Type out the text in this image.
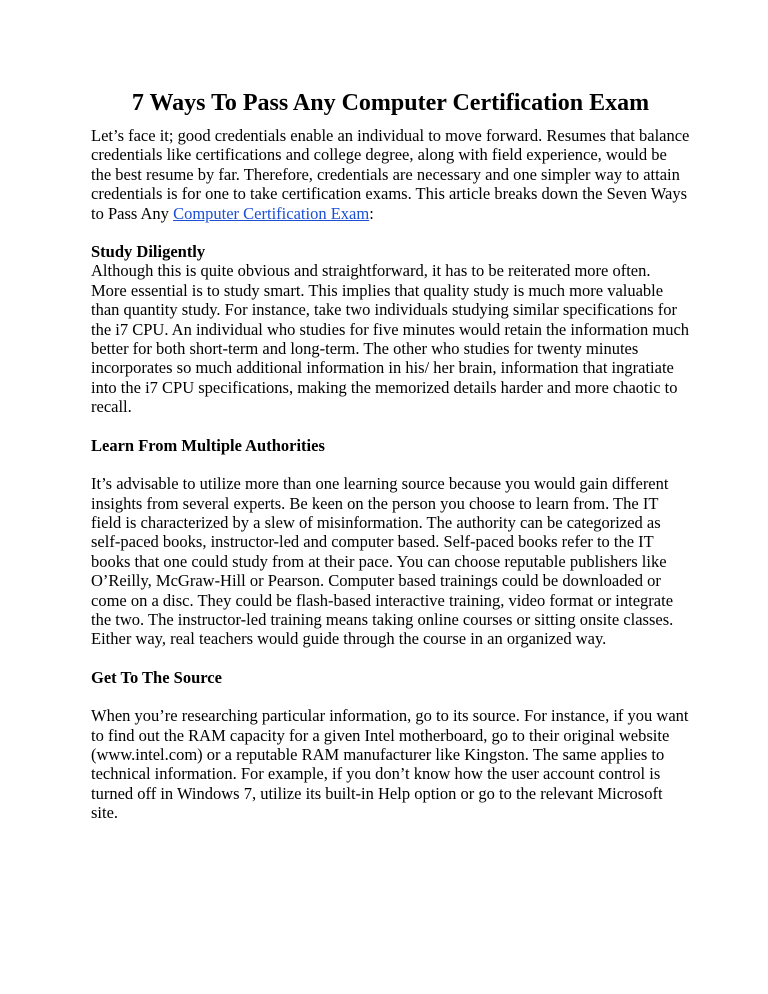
7 Ways To Pass Any Computer Certification Exam

Let’s face it; good credentials enable an individual to move forward. Resumes that balance credentials like certifications and college degree, along with field experience, would be the best resume by far. Therefore, credentials are necessary and one simpler way to attain credentials is for one to take certification exams. This article breaks down the Seven Ways to Pass Any Computer Certification Exam:

Study Diligently

Although this is quite obvious and straightforward, it has to be reiterated more often. More essential is to study smart. This implies that quality study is much more valuable than quantity study. For instance, take two individuals studying similar specifications for the i7 CPU. An individual who studies for five minutes would retain the information much better for both short-term and long-term. The other who studies for twenty minutes incorporates so much additional information in his/ her brain, information that ingratiate into the i7 CPU specifications, making the memorized details harder and more chaotic to recall.

Learn From Multiple Authorities

It’s advisable to utilize more than one learning source because you would gain different insights from several experts. Be keen on the person you choose to learn from. The IT field is characterized by a slew of misinformation. The authority can be categorized as self-paced books, instructor-led and computer based. Self-paced books refer to the IT books that one could study from at their pace. You can choose reputable publishers like O’Reilly, McGraw-Hill or Pearson. Computer based trainings could be downloaded or come on a disc. They could be flash-based interactive training, video format or integrate the two. The instructor-led training means taking online courses or sitting onsite classes. Either way, real teachers would guide through the course in an organized way.

Get To The Source

When you’re researching particular information, go to its source. For instance, if you want to find out the RAM capacity for a given Intel motherboard, go to their original website (www.intel.com) or a reputable RAM manufacturer like Kingston. The same applies to technical information. For example, if you don’t know how the user account control is turned off in Windows 7, utilize its built-in Help option or go to the relevant Microsoft site.
